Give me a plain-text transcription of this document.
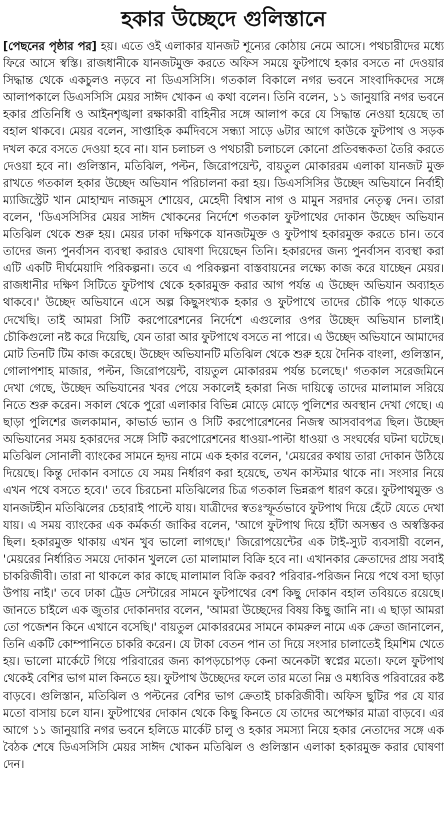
হকার উচ্ছেদে গুলিস্তানে

[পেছনের পৃষ্ঠার পর] হয়। এতে ওই এলাকার যানজট শূন্যের কোঠায় নেমে আসে। পথচারীদের মধ্যে ফিরে আসে স্বস্তি। রাজধানীকে যানজটমুক্ত করতে অফিস সময়ে ফুটপাথে হকার বসতে না দেওয়ার সিদ্ধান্ত থেকে একচুলও নড়বে না ডিএসসিসি। গতকাল বিকালে নগর ভবনে সাংবাদিকদের সঙ্গে আলাপকালে ডিএসসিসি মেয়র সাঈদ খোকন এ কথা বলেন। তিনি বলেন, ১১ জানুয়ারি নগর ভবনে হকার প্রতিনিধি ও আইনশৃঙ্খলা রক্ষাকারী বাহিনীর সঙ্গে আলাপ করে যে সিদ্ধান্ত নেওয়া হয়েছে তা বহাল থাকবে। মেয়র বলেন, সাপ্তাহিক কর্মদিবসে সন্ধ্যা সাড়ে ৬টার আগে কাউকে ফুটপাথ ও সড়ক দখল করে বসতে দেওয়া হবে না। যান চলাচল ও পথচারী চলাচলে কোনো প্রতিবন্ধকতা তৈরি করতে দেওয়া হবে না। গুলিস্তান, মতিঝিল, পল্টন, জিরোপয়েন্ট, বায়তুল মোকাররম এলাকা যানজট মুক্ত রাখতে গতকাল হকার উচ্ছেদ অভিযান পরিচালনা করা হয়। ডিএসসিসির উচ্ছেদ অভিযানে নির্বাহী ম্যাজিস্ট্রেট খান মোহাম্মদ নাজমুস শোয়েব, মেহেদী বিশ্বাস নাগ ও মামুন সরদার নেতৃত্ব দেন। তারা বলেন, 'ডিএসসিসির মেয়র সাঈদ খোকনের নির্দেশে গতকাল ফুটপাথের দোকান উচ্ছেদ অভিযান মতিঝিল থেকে শুরু হয়। মেয়র ঢাকা দক্ষিণকে যানজটমুক্ত ও ফুটপাথ হকারমুক্ত করতে চান। তবে তাদের জন্য পুনর্বাসন ব্যবস্থা করারও ঘোষণা দিয়েছেন তিনি। হকারদের জন্য পুনর্বাসন ব্যবস্থা করা এটি একটি দীর্ঘমেয়াদি পরিকল্পনা। তবে এ পরিকল্পনা বাস্তবায়নের লক্ষ্যে কাজ করে যাচ্ছেন মেয়র। রাজধানীর দক্ষিণ সিটিতে ফুটপাথ থেকে হকারমুক্ত করার আগ পর্যন্ত এ উচ্ছেদ অভিযান অব্যাহত থাকবে।' উচ্ছেদ অভিযানে এসে অল্প কিছুসংখ্যক হকার ও ফুটপাথে তাদের চৌকি পড়ে থাকতে দেখেছি। তাই আমরা সিটি করপোরেশনের নির্দেশে এগুলোর ওপর উচ্ছেদ অভিযান চালাই। চৌকিগুলো নষ্ট করে দিয়েছি, যেন তারা আর ফুটপাথে বসতে না পারে। এ উচ্ছেদ অভিযানে আমাদের মোট তিনটি টিম কাজ করেছে। উচ্ছেদ অভিযানটি মতিঝিল থেকে শুরু হয়ে দৈনিক বাংলা, গুলিস্তান, গোলাপশাহ মাজার, পল্টন, জিরোপয়েন্ট, বায়তুল মোকাররম পর্যন্ত চলেছে।' গতকাল সরেজমিনে দেখা গেছে, উচ্ছেদ অভিযানের খবর পেয়ে সকালেই হকারা নিজ দায়িত্বে তাদের মালামাল সরিয়ে নিতে শুরু করেন। সকাল থেকে পুরো এলাকার বিভিন্ন মোড়ে মোড়ে পুলিশের অবস্থান দেখা গেছে। এ ছাড়া পুলিশের জলকামান, কাভার্ড ভ্যান ও সিটি করপোরেশনের নিজস্ব আসবাবপত্র ছিল। উচ্ছেদ অভিযানের সময় হকারদের সঙ্গে সিটি করপোরেশনের ধাওয়া-পাল্টা ধাওয়া ও সংঘর্ষের ঘটনা ঘটেছে। মতিঝিল সোনালী ব্যাংকের সামনে হৃদয় নামে এক হকার বলেন, 'মেয়রের কথায় তারা দোকান উঠিয়ে দিয়েছে। কিন্তু দোকান বসাতে যে সময় নির্ধারণ করা হয়েছে, তখন কাস্টমার থাকে না। সংসার নিয়ে এখন পথে বসতে হবে।' তবে চিরচেনা মতিঝিলের চিত্র গতকাল ভিন্নরূপ ধারণ করে। ফুটপাথমুক্ত ও যানজটহীন মতিঝিলের চেহারাই পাল্টে যায়। যাত্রীদের স্বতঃস্ফূর্তভাবে ফুটপাথ দিয়ে হেঁটে যেতে দেখা যায়। এ সময় ব্যাংকের এক কর্মকর্তা জাকির বলেন, 'আগে ফুটপাথ দিয়ে হাঁটা অসম্ভব ও অস্বস্তিকর ছিল। হকারমুক্ত থাকায় এখন খুব ভালো লাগছে।' জিরোপয়েন্টের এক টাই-স্যুট ব্যবসায়ী বলেন, 'মেয়রের নির্ধারিত সময়ে দোকান খুললে তো মালামাল বিক্রি হবে না। এখানকার ক্রেতাদের প্রায় সবাই চাকরিজীবী। তারা না থাকলে কার কাছে মালামাল বিক্রি করব? পরিবার-পরিজন নিয়ে পথে বসা ছাড়া উপায় নাই।' তবে ঢাকা ট্রেড সেন্টারের সামনে ফুটপাথের বেশ কিছু দোকান বহাল তবিয়তে রয়েছে। জানতে চাইলে এক জুতার দোকানদার বলেন, 'আমরা উচ্ছেদের বিষয় কিছু জানি না। এ ছাড়া আমরা তো পজেশন কিনে এখানে বসেছি।' বায়তুল মোকাররমের সামনে কামরুল নামে এক ক্রেতা জানালেন, তিনি একটি কোম্পানিতে চাকরি করেন। যে টাকা বেতন পান তা দিয়ে সংসার চালাতেই হিমশিম খেতে হয়। ভালো মার্কেটে গিয়ে পরিবারের জন্য কাপড়চোপড় কেনা অনেকটা স্বপ্নের মতো। ফলে ফুটপাথ থেকেই বেশির ভাগ মাল কিনতে হয়। ফুটপাথ উচ্ছেদের ফলে তার মতো নিম্ন ও মধ্যবিত্ত পরিবারের কষ্ট বাড়বে। গুলিস্তান, মতিঝিল ও পল্টনের বেশির ভাগ ক্রেতাই চাকরিজীবী। অফিস ছুটির পর যে যার মতো বাসায় চলে যান। ফুটপাথের দোকান থেকে কিছু কিনতে যে তাদের অপেক্ষার মাত্রা বাড়বে। এর আগে ১১ জানুয়ারি নগর ভবনে হলিডে মার্কেট চালু ও হকার সমস্যা নিয়ে হকার নেতাদের সঙ্গে এক বৈঠক শেষে ডিএসসিসি মেয়র সাঈদ খোকন মতিঝিল ও গুলিস্তান এলাকা হকারমুক্ত করার ঘোষণা দেন।
